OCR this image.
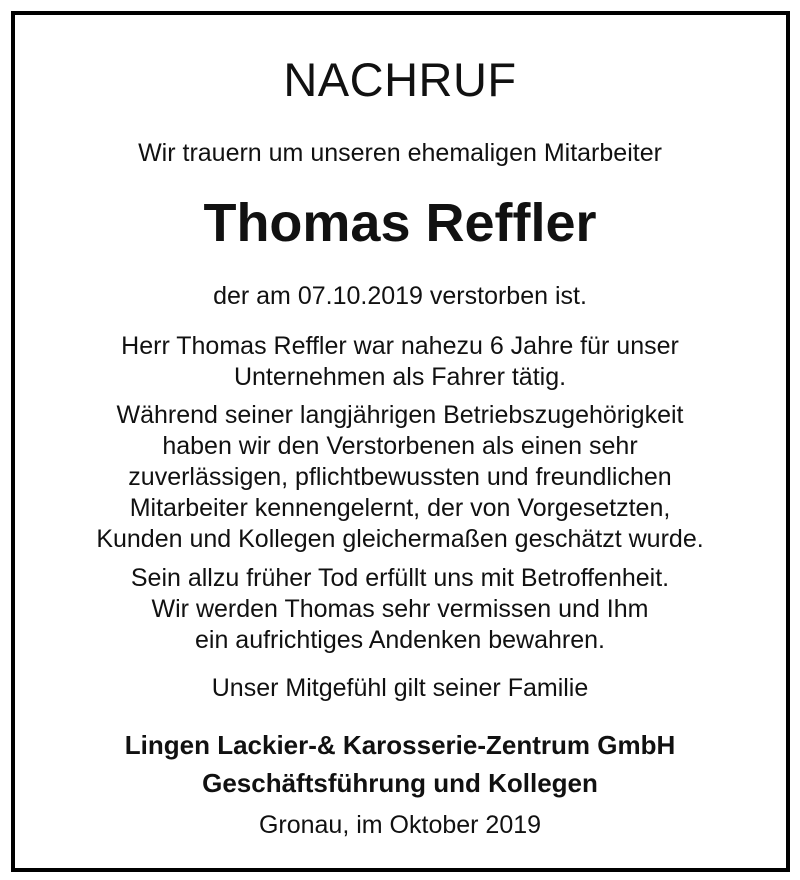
NACHRUF
Wir trauern um unseren ehemaligen Mitarbeiter
Thomas Reffler
der am 07.10.2019 verstorben ist.
Herr Thomas Reffler war nahezu 6 Jahre für unser
Unternehmen als Fahrer tätig.
Während seiner langjährigen Betriebszugehörigkeit
haben wir den Verstorbenen als einen sehr
zuverlässigen, pflichtbewussten und freundlichen
Mitarbeiter kennengelernt, der von Vorgesetzten,
Kunden und Kollegen gleichermaßen geschätzt wurde.
Sein allzu früher Tod erfüllt uns mit Betroffenheit.
Wir werden Thomas sehr vermissen und Ihm
ein aufrichtiges Andenken bewahren.
Unser Mitgefühl gilt seiner Familie
Lingen Lackier-& Karosserie-Zentrum GmbH
Geschäftsführung und Kollegen
Gronau, im Oktober 2019
